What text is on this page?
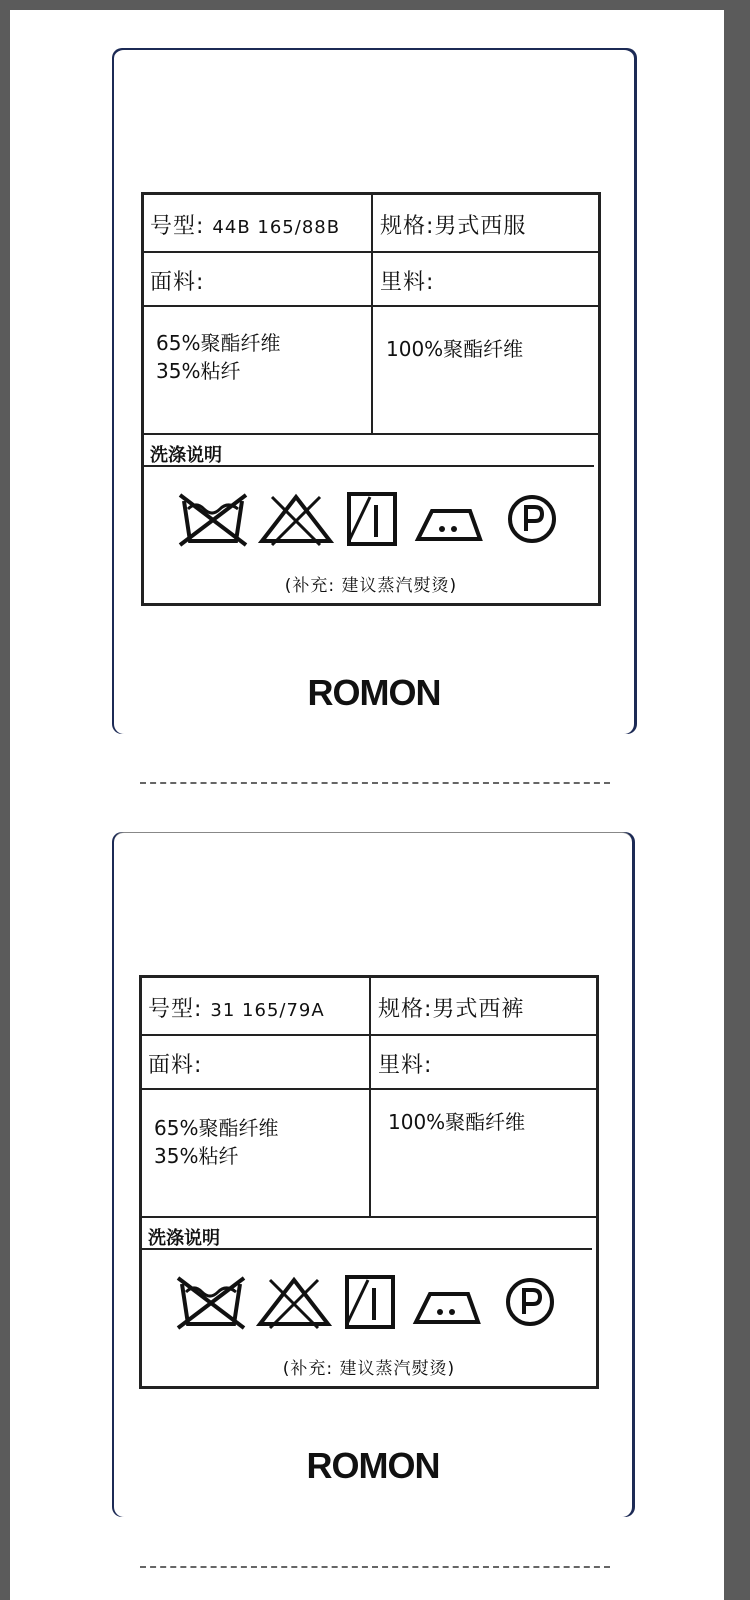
号型: 44B 165/88B 规格:男式西服
面料:	里料:
65%聚酯纤维
35%粘纤
100%聚酯纤维
洗涤说明
(补充: 建议蒸汽熨烫)
ROMON
号型: 31 165/79A 规格:男式西裤
面料:	里料:
65%聚酯纤维
35%粘纤
100%聚酯纤维
洗涤说明
(补充: 建议蒸汽熨烫)
ROMON
